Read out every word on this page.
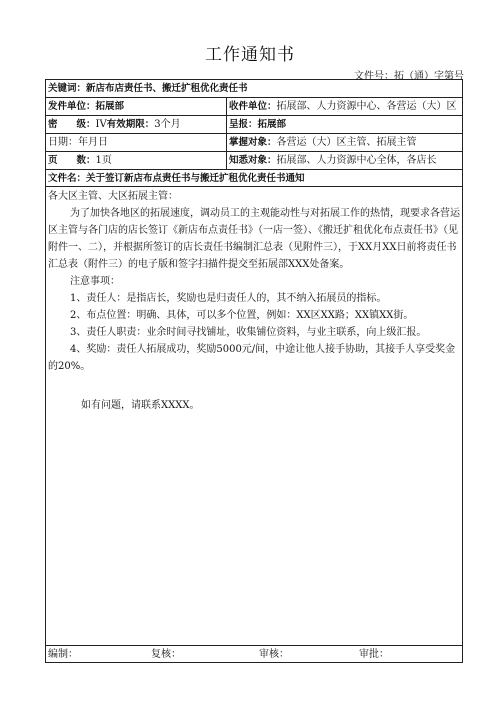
工作通知书
文件号：拓（通）字第号
关键词：新店布店责任书、搬迁扩租优化责任书
发件单位：拓展部	收件单位：拓展部、人力资源中心、各营运（大）区
密　　级：IV有效期限：3个月	呈报：拓展部
日期：年月日	掌握对象：各营运（大）区主管、拓展主管
页　　数：1页	知悉对象：拓展部、人力资源中心全体，各店长
文件名：关于签订新店布点责任书与搬迁扩租优化责任书通知

各大区主管、大区拓展主管：

为了加快各地区的拓展速度，调动员工的主观能动性与对拓展工作的热情，现要求各营运区主管与各门店的店长签订《新店布点责任书》（一店一签）、《搬迁扩租优化布点责任书》（见附件一、二），并根据所签订的店长责任书编制汇总表（见附件三），于XX月XX日前将责任书汇总表（附件三）的电子版和签字扫描件提交至拓展部XXX处备案。

注意事项：

1、责任人：是指店长，奖励也是归责任人的，其不纳入拓展员的指标。

2、布点位置：明确、具体，可以多个位置，例如：XX区XX路；XX镇XX街。

3、责任人职责：业余时间寻找铺址，收集铺位资料，与业主联系，向上级汇报。

4、奖励：责任人拓展成功，奖励5000元/间，中途让他人接手协助，其接手人享受奖金的20%。

如有问题，请联系XXXX。

编制：	复核：	审核：	审批：
